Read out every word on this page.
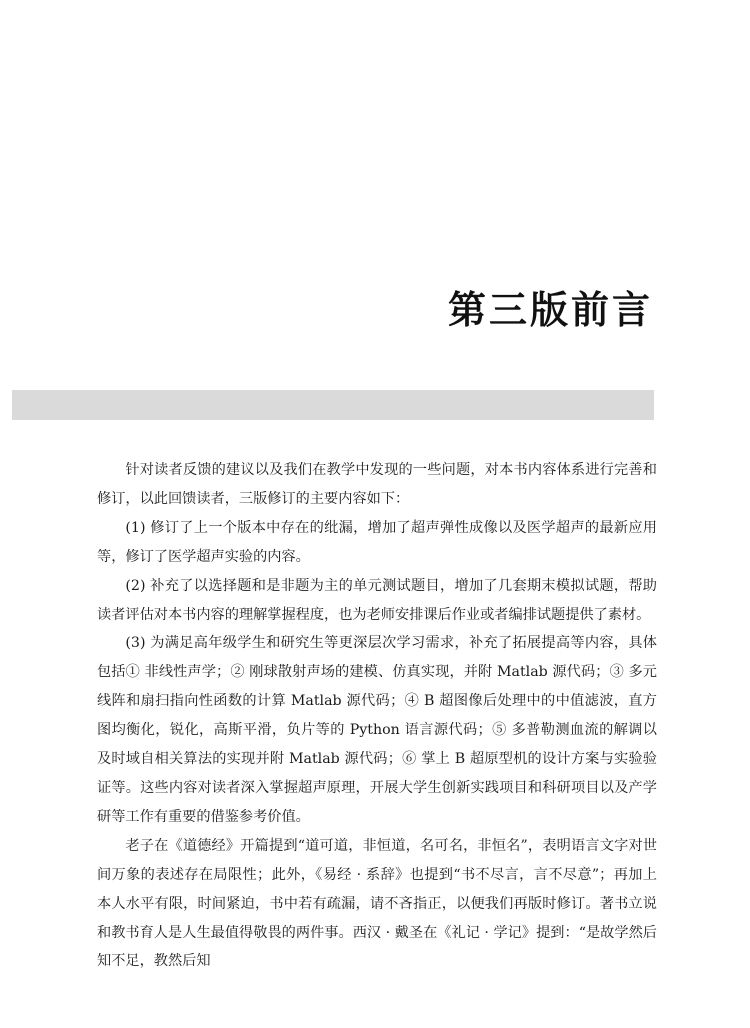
第三版前言

针对读者反馈的建议以及我们在教学中发现的一些问题，对本书内容体系进行完善和修订，以此回馈读者，三版修订的主要内容如下：

(1) 修订了上一个版本中存在的纰漏，增加了超声弹性成像以及医学超声的最新应用等，修订了医学超声实验的内容。

(2) 补充了以选择题和是非题为主的单元测试题目，增加了几套期末模拟试题，帮助读者评估对本书内容的理解掌握程度，也为老师安排课后作业或者编排试题提供了素材。

(3) 为满足高年级学生和研究生等更深层次学习需求，补充了拓展提高等内容，具体包括① 非线性声学；② 刚球散射声场的建模、仿真实现，并附 Matlab 源代码；③ 多元线阵和扇扫指向性函数的计算 Matlab 源代码；④ B 超图像后处理中的中值滤波，直方图均衡化，锐化，高斯平滑，负片等的 Python 语言源代码；⑤ 多普勒测血流的解调以及时域自相关算法的实现并附 Matlab 源代码；⑥ 掌上 B 超原型机的设计方案与实验验证等。这些内容对读者深入掌握超声原理，开展大学生创新实践项目和科研项目以及产学研等工作有重要的借鉴参考价值。

老子在《道德经》开篇提到“道可道，非恒道，名可名，非恒名”，表明语言文字对世间万象的表述存在局限性；此外，《易经 · 系辞》也提到“书不尽言，言不尽意”；再加上本人水平有限，时间紧迫，书中若有疏漏，请不吝指正，以便我们再版时修订。著书立说和教书育人是人生最值得敬畏的两件事。西汉 · 戴圣在《礼记 · 学记》提到：“是故学然后知不足，教然后知
